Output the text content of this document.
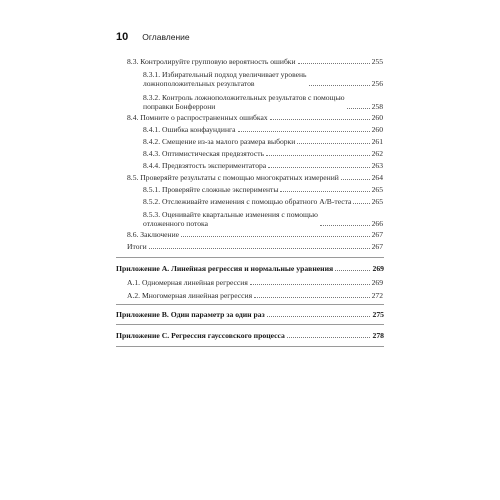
10 Оглавление
8.3. Контролируйте групповую вероятность ошибки	255
8.3.1. Избирательный подход увеличивает уровень
ложноположительных результатов	256
8.3.2. Контроль ложноположительных результатов с помощью
поправки Бонферрони	258
8.4. Помните о распространенных ошибках	260
8.4.1. Ошибка конфаундинга	260
8.4.2. Смещение из-за малого размера выборки	261
8.4.3. Оптимистическая предвзятость	262
8.4.4. Предвзятость экспериментатора	263
8.5. Проверяйте результаты с помощью многократных измерений	264
8.5.1. Проверяйте сложные эксперименты	265
8.5.2. Отслеживайте изменения с помощью обратного A/B-теста	265
8.5.3. Оценивайте квартальные изменения с помощью
отложенного потока	266
8.6. Заключение	267
Итоги	267
Приложение А. Линейная регрессия и нормальные уравнения	269
А.1. Одномерная линейная регрессия	269
А.2. Многомерная линейная регрессия	272
Приложение B. Один параметр за один раз	275
Приложение C. Регрессия гауссовского процесса	278
